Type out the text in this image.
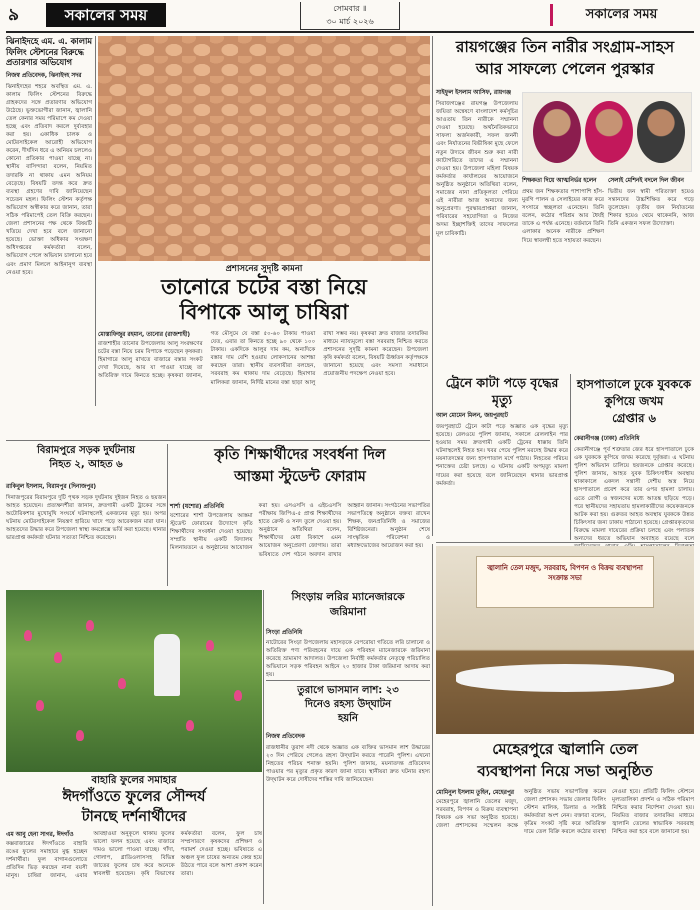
৯	সকালের সময়	সোমবার ॥
৩০ মার্চ ২০২৬	সকালের সময়
ঝিনাইদহে এম. এ. কালাম ফিলিং স্টেশনের বিরুদ্ধে প্রতারণার অভিযোগ
নিজস্ব প্রতিবেদক, ঝিনাইদহ সদর
ঝিনাইদহের শহরে অবস্থিত এম. এ. কালাম ফিলিং স্টেশনের বিরুদ্ধে গ্রাহকদের সঙ্গে প্রতারণার অভিযোগ উঠেছে। ভুক্তভোগীরা জানান, জ্বালানি তেল কেনার সময় পরিমাপে কম দেওয়া হচ্ছে এবং প্রতিবাদ করলে দুর্ব্যবহার করা হয়। একাধিক চালক ও মোটরসাইকেল আরোহী অভিযোগ করেন, দীর্ঘদিন ধরে এ অনিয়ম চললেও কোনো প্রতিকার পাওয়া যাচ্ছে না। স্থানীয় বাসিন্দারা বলেন, নিয়মিত তদারকি না থাকায় এমন অনিয়ম বেড়েছে। বিষয়টি তদন্ত করে দ্রুত ব্যবস্থা গ্রহণের দাবি জানিয়েছেন সচেতন মহল। ফিলিং স্টেশন কর্তৃপক্ষ অভিযোগ অস্বীকার করে জানান, তারা সঠিক পরিমাপেই তেল বিক্রি করছেন। জেলা প্রশাসনের পক্ষ থেকে বিষয়টি খতিয়ে দেখা হবে বলে জানানো হয়েছে। ভোক্তা অধিকার সংরক্ষণ অধিদপ্তরের কর্মকর্তারা বলেন, অভিযোগ পেলে অভিযান চালানো হবে এবং প্রমাণ মিললে আইনানুগ ব্যবস্থা নেওয়া হবে।
রায়গঞ্জের তিন নারীর সংগ্রাম-সাহস
আর সাফল্যে পেলেন পুরস্কার
সাইফুল ইসলাম আসিফ, রায়গঞ্জ
সিরাজগঞ্জের রায়গঞ্জ উপজেলায় জয়িতা অন্বেষণে বাংলাদেশ কর্মসূচির আওতায় তিন নারীকে সম্মাননা দেওয়া হয়েছে। অর্থনৈতিকভাবে সাফল্য অর্জনকারী, সফল জননী এবং নির্যাতনের বিভীষিকা মুছে ফেলে নতুন উদ্যমে জীবন শুরু করা নারী ক্যাটাগরিতে তাদের এ সম্মাননা দেওয়া হয়। উপজেলা মহিলা বিষয়ক কর্মকর্তার কার্যালয়ের আয়োজনে অনুষ্ঠিত অনুষ্ঠানে অতিথিরা বলেন, সমাজের নানা প্রতিকূলতা পেরিয়ে এই নারীরা আজ অন্যদের জন্য অনুপ্রেরণা। পুরস্কারপ্রাপ্তরা জানান, পরিবারের সহযোগিতা ও নিজের অদম্য ইচ্ছাশক্তিই তাদের সাফল্যের মূল চাবিকাঠি।
শিক্ষকতা দিয়ে আত্মনির্ভর হলেন
প্রথম জন শিক্ষকতার পাশাপাশি হাঁস-মুরগি পালন ও সেলাইয়ের কাজ করে সংসারে স্বচ্ছলতা এনেছেন। তিনি বলেন, কঠোর পরিশ্রম আর ধৈর্যই তাকে এ পর্যন্ত এনেছে। বর্তমানে তিনি এলাকার অনেক নারীকে প্রশিক্ষণ দিয়ে স্বাবলম্বী হতে সহায়তা করছেন।
সেলাই মেশিনই বদলে দিল জীবন
দ্বিতীয় জন স্বামী পরিত্যক্তা হয়েও সন্তানদের উচ্চশিক্ষিত করে গড়ে তুলেছেন। তৃতীয় জন নির্যাতনের শিকার হয়েও থেমে থাকেননি, আজ তিনি একজন সফল উদ্যোক্তা।
প্রশাসনের সুদৃষ্টি কামনা
তানোরে চটের বস্তা নিয়ে
বিপাকে আলু চাষিরা
মোস্তাফিজুর রহমান, তানোর (রাজশাহী)
রাজশাহীর তানোর উপজেলায় আলু সংরক্ষণের চটের বস্তা নিয়ে চরম বিপাকে পড়েছেন কৃষকরা। হিমাগারে আলু রাখতে বাজারে বস্তার সংকট দেখা দিয়েছে, আর যা পাওয়া যাচ্ছে তা অতিরিক্ত দামে কিনতে হচ্ছে। কৃষকরা জানান, গত মৌসুমে যে বস্তা ৫০-৬০ টাকায় পাওয়া যেত, এবার তা কিনতে হচ্ছে ৯০ থেকে ১০০ টাকায়। একদিকে আলুর দাম কম, অন্যদিকে বস্তার দাম বেশি হওয়ায় লোকসানের আশঙ্কা করছেন তারা। স্থানীয় ব্যবসায়ীরা বলছেন, সরবরাহ কম থাকায় দাম বেড়েছে। হিমাগার মালিকরা জানান, নির্দিষ্ট মানের বস্তা ছাড়া আলু রাখা সম্ভব নয়। কৃষকরা দ্রুত বাজার তদারকির মাধ্যমে ন্যায্যমূল্যে বস্তা সরবরাহ নিশ্চিত করতে প্রশাসনের সুদৃষ্টি কামনা করেছেন। উপজেলা কৃষি কর্মকর্তা বলেন, বিষয়টি ঊর্ধ্বতন কর্তৃপক্ষকে জানানো হয়েছে এবং সমস্যা সমাধানে প্রয়োজনীয় পদক্ষেপ নেওয়া হবে।
ট্রেনে কাটা পড়ে বৃদ্ধের মৃত্যু
আল মোমেন মিলন, জয়পুরহাট
জয়পুরহাটে ট্রেনে কাটা পড়ে অজ্ঞাত এক বৃদ্ধের মৃত্যু হয়েছে। রেলওয়ে পুলিশ জানায়, সকালে রেললাইন পার হওয়ার সময় দ্রুতগামী একটি ট্রেনের ধাক্কায় তিনি ঘটনাস্থলেই নিহত হন। খবর পেয়ে পুলিশ মরদেহ উদ্ধার করে ময়নাতদন্তের জন্য হাসপাতাল মর্গে পাঠায়। নিহতের পরিচয় শনাক্তের চেষ্টা চলছে। এ ঘটনায় একটি অপমৃত্যু মামলা দায়ের করা হয়েছে বলে জানিয়েছেন থানার ভারপ্রাপ্ত কর্মকর্তা।
হাসপাতালে ঢুকে যুবককে
কুপিয়ে জখম
গ্রেপ্তার ৬
কেরানীগঞ্জ (ঢাকা) প্রতিনিধি
কেরানীগঞ্জে পূর্ব শত্রুতার জের ধরে হাসপাতালে ঢুকে এক যুবককে কুপিয়ে জখম করেছে দুর্বৃত্তরা। এ ঘটনায় পুলিশ অভিযান চালিয়ে ছয়জনকে গ্রেপ্তার করেছে। পুলিশ জানায়, আহত যুবক চিকিৎসাধীন অবস্থায় থাকাকালে একদল সন্ত্রাসী দেশীয় অস্ত্র নিয়ে হাসপাতালে প্রবেশ করে তার ওপর হামলা চালায়। এতে রোগী ও স্বজনদের মধ্যে আতঙ্ক ছড়িয়ে পড়ে। পরে স্থানীয়দের সহায়তায় হামলাকারীদের কয়েকজনকে আটক করা হয়। গুরুতর আহত অবস্থায় যুবককে উন্নত চিকিৎসার জন্য ঢাকায় পাঠানো হয়েছে। গ্রেপ্তারকৃতদের বিরুদ্ধে মামলা দায়েরের প্রক্রিয়া চলছে এবং পলাতক অন্যদের ধরতে অভিযান অব্যাহত রয়েছে বলে
বিরামপুরে সড়ক দুর্ঘটনায়
নিহত ২, আহত ৬
রাকিবুল ইসলাম, বিরামপুর (দিনাজপুর)
দিনাজপুরের বিরামপুরে দুটি পৃথক সড়ক দুর্ঘটনায় দুইজন নিহত ও ছয়জন আহত হয়েছেন। প্রত্যক্ষদর্শীরা জানান, দ্রুতগামী একটি ট্রাকের সঙ্গে অটোরিকশার মুখোমুখি সংঘর্ষে ঘটনাস্থলেই একজনের মৃত্যু হয়। অপর ঘটনায় মোটরসাইকেল নিয়ন্ত্রণ হারিয়ে খাদে পড়ে আরেকজন মারা যান। আহতদের উদ্ধার করে উপজেলা স্বাস্থ্য কমপ্লেক্সে ভর্তি করা হয়েছে। থানার ভারপ্রাপ্ত কর্মকর্তা ঘটনার সত্যতা নিশ্চিত করেছেন।
কৃতি শিক্ষার্থীদের সংবর্ধনা দিল
আস্তমা স্টুডেন্ট ফোরাম
শার্শা (যশোর) প্রতিনিধি
যশোরের শার্শা উপজেলায় আস্তমা স্টুডেন্ট ফোরামের উদ্যোগে কৃতি শিক্ষার্থীদের সংবর্ধনা দেওয়া হয়েছে। সম্প্রতি স্থানীয় একটি বিদ্যালয় মিলনায়তনে এ অনুষ্ঠানের আয়োজন করা হয়। এসএসসি ও এইচএসসি পরীক্ষায় জিপিএ-৫ প্রাপ্ত শিক্ষার্থীদের হাতে ক্রেস্ট ও সনদ তুলে দেওয়া হয়। অনুষ্ঠানে অতিথিরা বলেন, শিক্ষার্থীদের মেধা বিকাশে এমন আয়োজন অনুপ্রেরণা জোগায়। তারা ভবিষ্যতে দেশ গঠনে অবদান রাখার আহ্বান জানান। সংগঠনের সভাপতির সভাপতিত্বে অনুষ্ঠানে বক্তব্য রাখেন শিক্ষক, জনপ্রতিনিধি ও সমাজের বিশিষ্টজনেরা। অনুষ্ঠান শেষে সাংস্কৃতিক পরিবেশনা ও মধ্যাহ্নভোজের আয়োজন করা হয়।
সিংড়ায় লরির ম্যানেজারকে
জরিমানা
সিংড়া প্রতিনিধি
নাটোরের সিংড়া উপজেলায় মহাসড়কে বেপরোয়া গতিতে লরি চালানো ও অতিরিক্ত পণ্য পরিবহনের দায়ে এক পরিবহন ম্যানেজারকে জরিমানা করেছে ভ্রাম্যমাণ আদালত। উপজেলা নির্বাহী কর্মকর্তার নেতৃত্বে পরিচালিত অভিযানে সড়ক পরিবহন আইনে ২০ হাজার টাকা জরিমানা আদায় করা হয়।
তুরাগে ভাসমান লাশ: ২৩
দিনেও রহস্য উদ্‌ঘাটন
হয়নি
নিজস্ব প্রতিবেদক
রাজধানীর তুরাগ নদী থেকে অজ্ঞাত এক ব্যক্তির ভাসমান লাশ উদ্ধারের ২৩ দিন পেরিয়ে গেলেও রহস্য উদ্‌ঘাটন করতে পারেনি পুলিশ। এখনো নিহতের পরিচয় শনাক্ত হয়নি। পুলিশ জানায়, ময়নাতদন্ত প্রতিবেদন পাওয়ার পর মৃত্যুর প্রকৃত কারণ জানা যাবে। স্থানীয়রা দ্রুত ঘটনার রহস্য উদ্‌ঘাটন করে দোষীদের শাস্তির দাবি জানিয়েছেন।
বাহারি ফুলের সমাহার
ঈদগাঁওতে ফুলের সৌন্দর্য
টানছে দর্শনার্থীদের
এম আবু হেনা সাগর, ঈদগাঁও
কক্সবাজারের ঈদগাঁওতে বাহারি রঙের ফুলের সমাহারে মুগ্ধ হচ্ছেন দর্শনার্থীরা। ফুল বাগানগুলোতে প্রতিদিন ভিড় করছেন নানা বয়সী মানুষ। চাষিরা জানান, এবার আবহাওয়া অনুকূলে থাকায় ফুলের ভালো ফলন হয়েছে এবং বাজারে দামও ভালো পাওয়া যাচ্ছে। গাঁদা, গোলাপ, গ্লাডিওলাসসহ বিভিন্ন জাতের ফুলের চাষ করে অনেকে স্বাবলম্বী হয়েছেন। কৃষি বিভাগের কর্মকর্তারা বলেন, ফুল চাষ সম্প্রসারণে কৃষকদের প্রশিক্ষণ ও পরামর্শ দেওয়া হচ্ছে। ভবিষ্যতে এ অঞ্চল ফুল চাষের অন্যতম কেন্দ্র হয়ে উঠতে পারে বলে আশা প্রকাশ করেন তারা।
জ্বালানি তেল মজুদ, সরবরাহ, বিপণন ও বিক্রয় ব্যবস্থাপনা সংক্রান্ত সভা
মেহেরপুরে জ্বালানি তেল
ব্যবস্থাপনা নিয়ে সভা অনুষ্ঠিত
মোমিনুল ইসলাম তুহিন, মেহেরপুর
মেহেরপুরে জ্বালানি তেলের মজুদ, সরবরাহ, বিপণন ও বিক্রয় ব্যবস্থাপনা বিষয়ক এক সভা অনুষ্ঠিত হয়েছে। জেলা প্রশাসকের সম্মেলন কক্ষে অনুষ্ঠিত সভায় সভাপতিত্ব করেন জেলা প্রশাসক। সভায় জেলার ফিলিং স্টেশন মালিক, ডিলার ও সংশ্লিষ্ট কর্মকর্তারা অংশ নেন। বক্তারা বলেন, কৃত্রিম সংকট সৃষ্টি করে অতিরিক্ত দামে তেল বিক্রি করলে কঠোর ব্যবস্থা নেওয়া হবে। প্রতিটি ফিলিং স্টেশনে মূল্যতালিকা প্রদর্শন ও সঠিক পরিমাপ নিশ্চিত করার নির্দেশনা দেওয়া হয়। নিয়মিত বাজার তদারকির মাধ্যমে জ্বালানি তেলের স্বাভাবিক সরবরাহ নিশ্চিত করা হবে বলে জানানো হয়।
